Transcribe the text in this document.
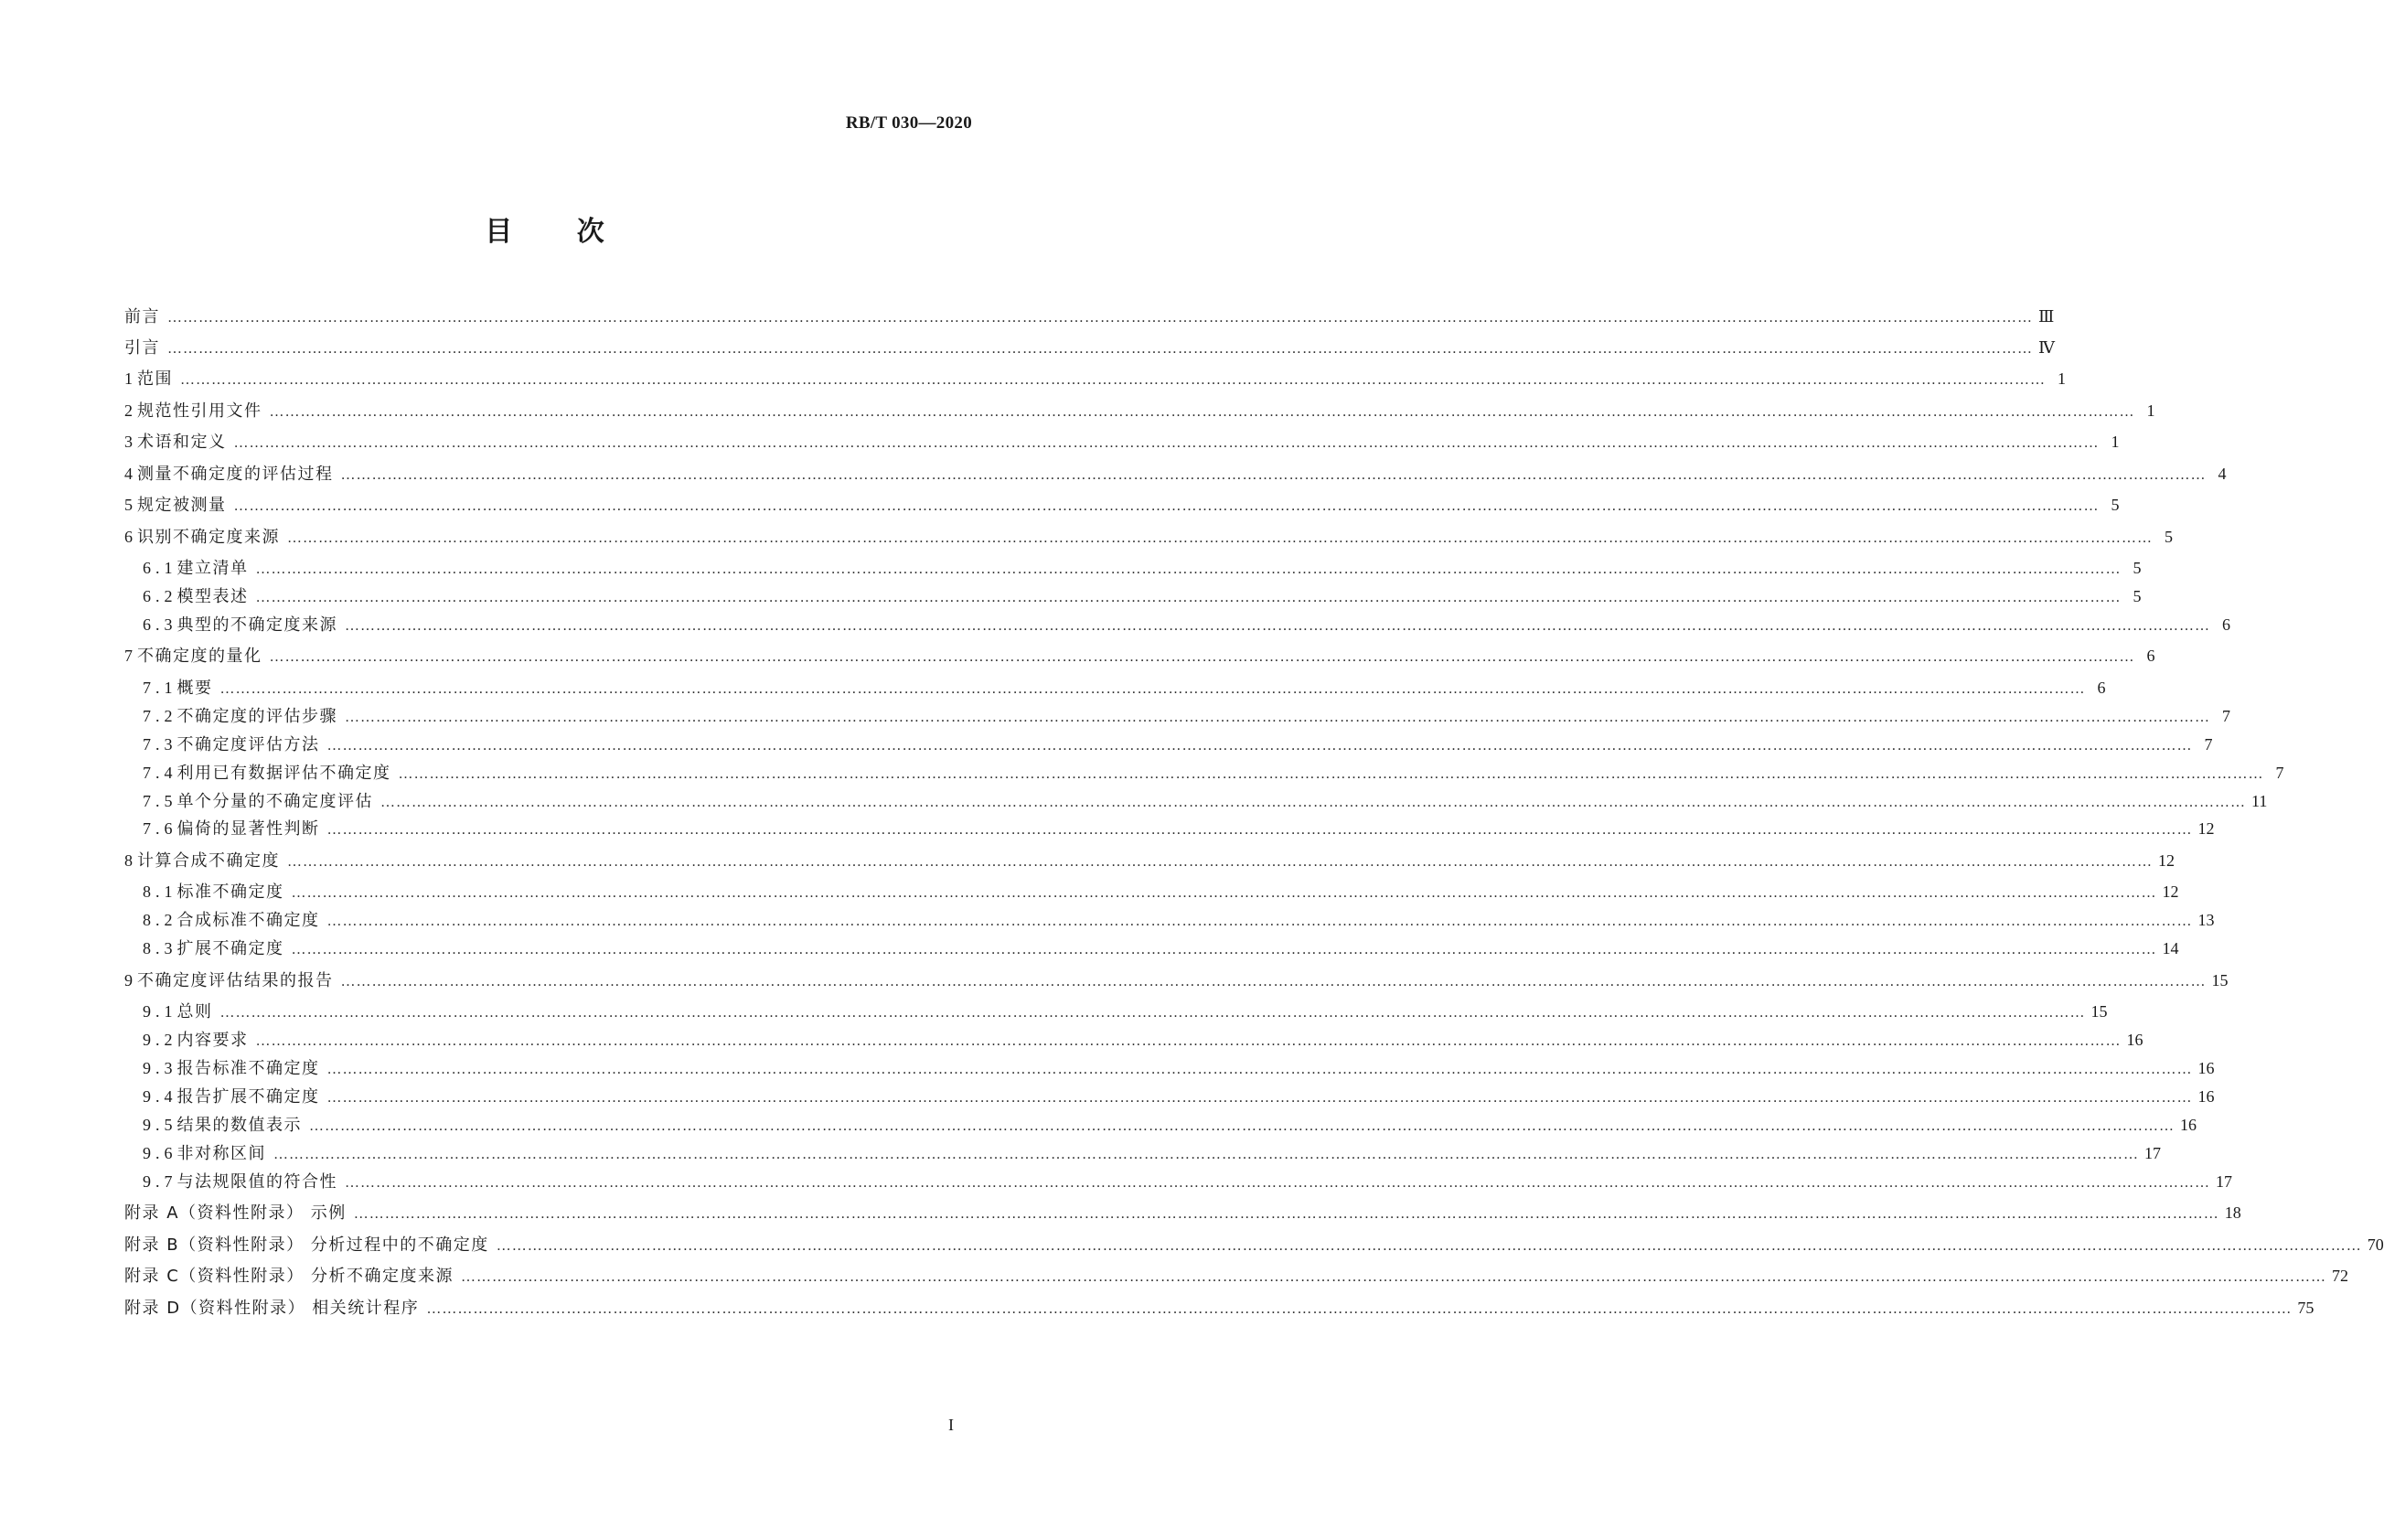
RB/T 030—2020
目 次
前言 ……………………………………………………………………………………………………………………………………………………………………………………………………………………………………………………………………………………………………………………………… Ⅲ
引言 ……………………………………………………………………………………………………………………………………………………………………………………………………………………………………………………………………………………………………………………………… Ⅳ
1 范围 ……………………………………………………………………………………………………………………………………………………………………………………………………………………………………………………………………………………………………………………………… 1
2 规范性引用文件 ……………………………………………………………………………………………………………………………………………………………………………………………………………………………………………………………………………………………………………………………… 1
3 术语和定义 ……………………………………………………………………………………………………………………………………………………………………………………………………………………………………………………………………………………………………………………………… 1
4 测量不确定度的评估过程 ……………………………………………………………………………………………………………………………………………………………………………………………………………………………………………………………………………………………………………………………… 4
5 规定被测量 ……………………………………………………………………………………………………………………………………………………………………………………………………………………………………………………………………………………………………………………………… 5
6 识别不确定度来源 ……………………………………………………………………………………………………………………………………………………………………………………………………………………………………………………………………………………………………………………………… 5
6.1 建立清单 ……………………………………………………………………………………………………………………………………………………………………………………………………………………………………………………………………………………………………………………………… 5
6.2 模型表述 ……………………………………………………………………………………………………………………………………………………………………………………………………………………………………………………………………………………………………………………………… 5
6.3 典型的不确定度来源 ……………………………………………………………………………………………………………………………………………………………………………………………………………………………………………………………………………………………………………………………… 6
7 不确定度的量化 ……………………………………………………………………………………………………………………………………………………………………………………………………………………………………………………………………………………………………………………………… 6
7.1 概要 ……………………………………………………………………………………………………………………………………………………………………………………………………………………………………………………………………………………………………………………………… 6
7.2 不确定度的评估步骤 ……………………………………………………………………………………………………………………………………………………………………………………………………………………………………………………………………………………………………………………………… 7
7.3 不确定度评估方法 ……………………………………………………………………………………………………………………………………………………………………………………………………………………………………………………………………………………………………………………………… 7
7.4 利用已有数据评估不确定度 ……………………………………………………………………………………………………………………………………………………………………………………………………………………………………………………………………………………………………………………………… 7
7.5 单个分量的不确定度评估 ……………………………………………………………………………………………………………………………………………………………………………………………………………………………………………………………………………………………………………………………… 11
7.6 偏倚的显著性判断 ……………………………………………………………………………………………………………………………………………………………………………………………………………………………………………………………………………………………………………………………… 12
8 计算合成不确定度 ……………………………………………………………………………………………………………………………………………………………………………………………………………………………………………………………………………………………………………………………… 12
8.1 标准不确定度 ……………………………………………………………………………………………………………………………………………………………………………………………………………………………………………………………………………………………………………………………… 12
8.2 合成标准不确定度 ……………………………………………………………………………………………………………………………………………………………………………………………………………………………………………………………………………………………………………………………… 13
8.3 扩展不确定度 ……………………………………………………………………………………………………………………………………………………………………………………………………………………………………………………………………………………………………………………………… 14
9 不确定度评估结果的报告 ……………………………………………………………………………………………………………………………………………………………………………………………………………………………………………………………………………………………………………………………… 15
9.1 总则 ……………………………………………………………………………………………………………………………………………………………………………………………………………………………………………………………………………………………………………………………… 15
9.2 内容要求 ……………………………………………………………………………………………………………………………………………………………………………………………………………………………………………………………………………………………………………………………… 16
9.3 报告标准不确定度 ……………………………………………………………………………………………………………………………………………………………………………………………………………………………………………………………………………………………………………………………… 16
9.4 报告扩展不确定度 ……………………………………………………………………………………………………………………………………………………………………………………………………………………………………………………………………………………………………………………………… 16
9.5 结果的数值表示 ……………………………………………………………………………………………………………………………………………………………………………………………………………………………………………………………………………………………………………………………… 16
9.6 非对称区间 ……………………………………………………………………………………………………………………………………………………………………………………………………………………………………………………………………………………………………………………………… 17
9.7 与法规限值的符合性 ……………………………………………………………………………………………………………………………………………………………………………………………………………………………………………………………………………………………………………………………… 17
附录 A（资料性附录） 示例 ……………………………………………………………………………………………………………………………………………………………………………………………………………………………………………………………………………………………………………………………… 18
附录 B（资料性附录） 分析过程中的不确定度 ……………………………………………………………………………………………………………………………………………………………………………………………………………………………………………………………………………………………………………………………… 70
附录 C（资料性附录） 分析不确定度来源 ……………………………………………………………………………………………………………………………………………………………………………………………………………………………………………………………………………………………………………………………… 72
附录 D（资料性附录） 相关统计程序 ……………………………………………………………………………………………………………………………………………………………………………………………………………………………………………………………………………………………………………………………… 75
I
